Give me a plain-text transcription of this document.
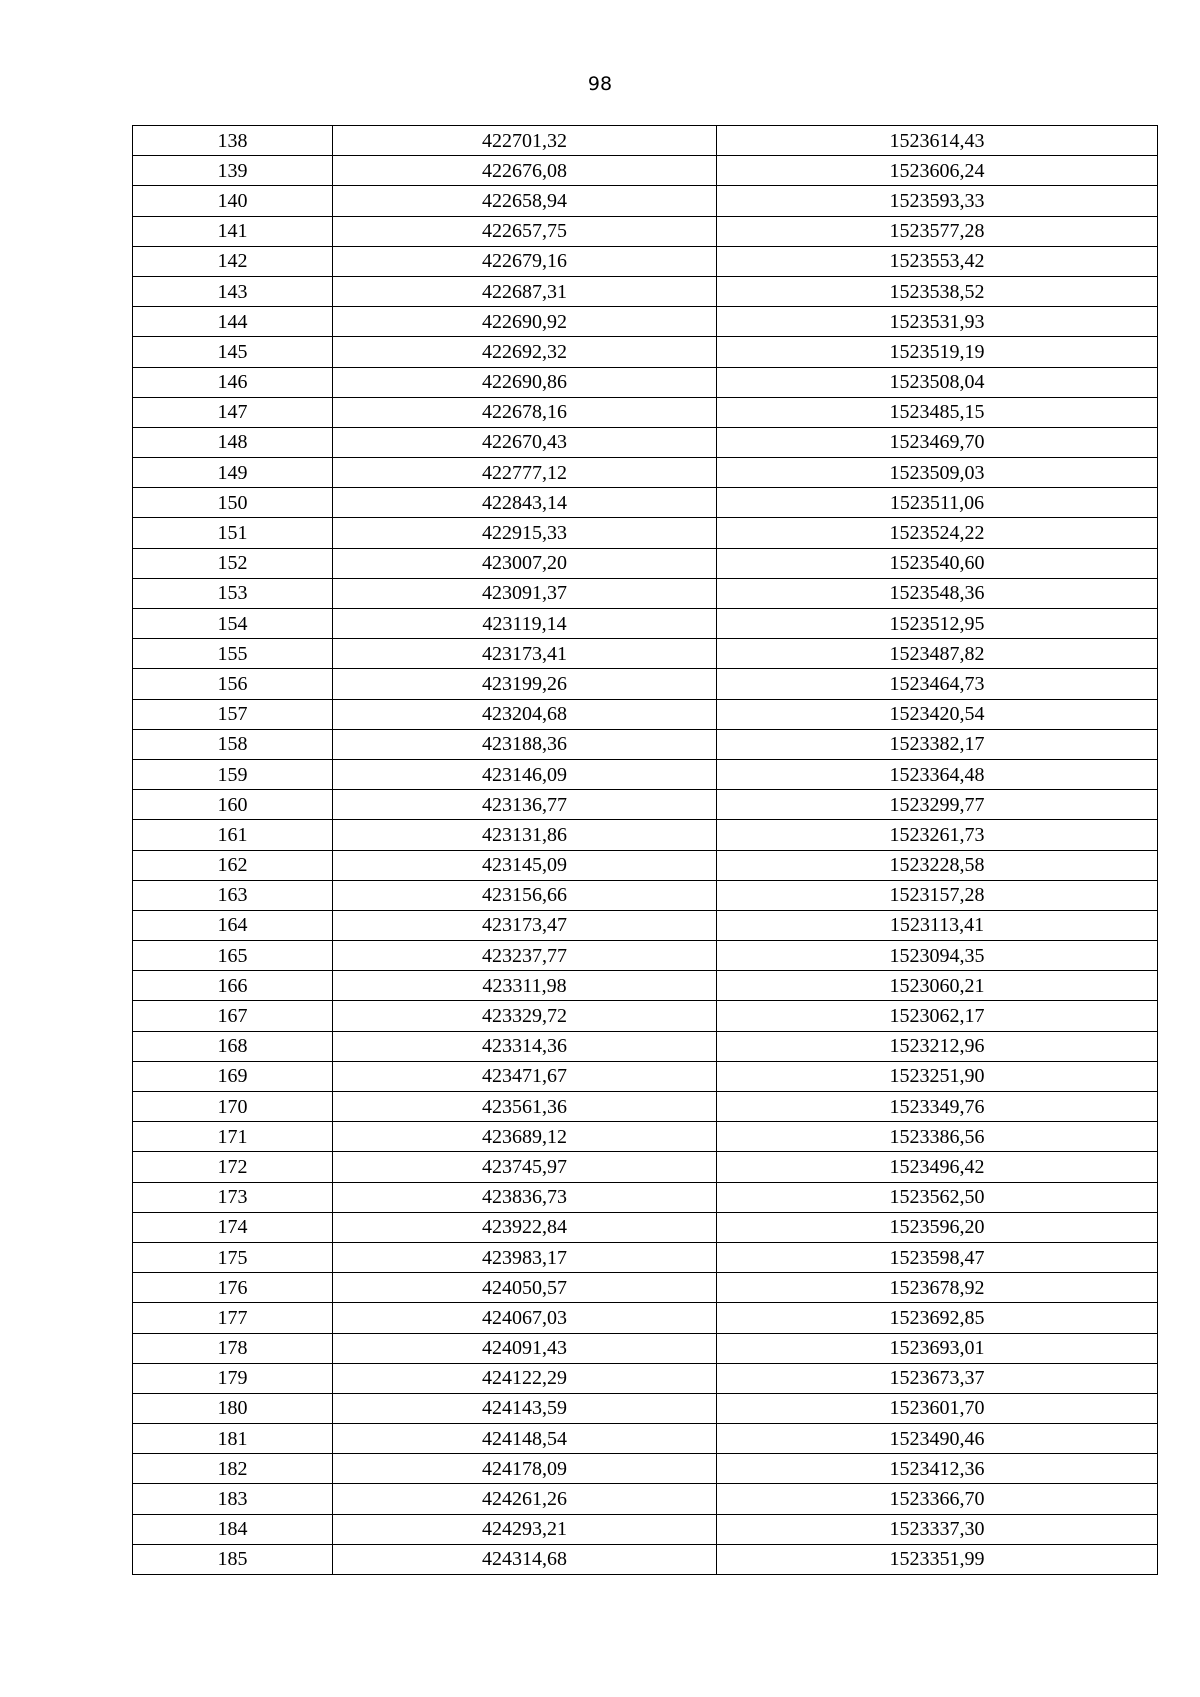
98
138	422701,32	1523614,43
139	422676,08	1523606,24
140	422658,94	1523593,33
141	422657,75	1523577,28
142	422679,16	1523553,42
143	422687,31	1523538,52
144	422690,92	1523531,93
145	422692,32	1523519,19
146	422690,86	1523508,04
147	422678,16	1523485,15
148	422670,43	1523469,70
149	422777,12	1523509,03
150	422843,14	1523511,06
151	422915,33	1523524,22
152	423007,20	1523540,60
153	423091,37	1523548,36
154	423119,14	1523512,95
155	423173,41	1523487,82
156	423199,26	1523464,73
157	423204,68	1523420,54
158	423188,36	1523382,17
159	423146,09	1523364,48
160	423136,77	1523299,77
161	423131,86	1523261,73
162	423145,09	1523228,58
163	423156,66	1523157,28
164	423173,47	1523113,41
165	423237,77	1523094,35
166	423311,98	1523060,21
167	423329,72	1523062,17
168	423314,36	1523212,96
169	423471,67	1523251,90
170	423561,36	1523349,76
171	423689,12	1523386,56
172	423745,97	1523496,42
173	423836,73	1523562,50
174	423922,84	1523596,20
175	423983,17	1523598,47
176	424050,57	1523678,92
177	424067,03	1523692,85
178	424091,43	1523693,01
179	424122,29	1523673,37
180	424143,59	1523601,70
181	424148,54	1523490,46
182	424178,09	1523412,36
183	424261,26	1523366,70
184	424293,21	1523337,30
185	424314,68	1523351,99
